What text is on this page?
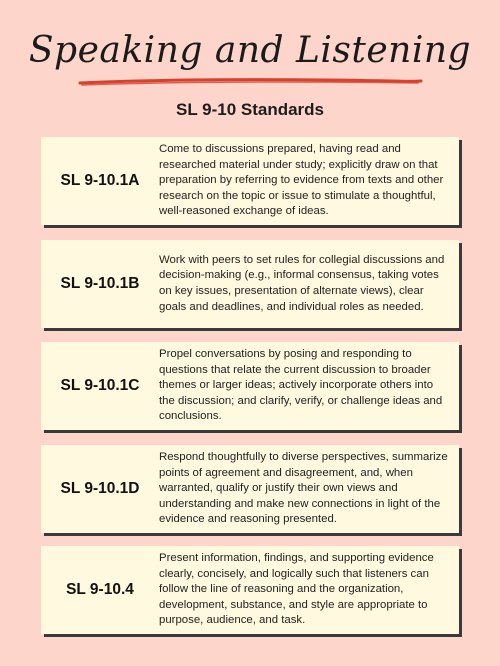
Speaking and Listening
SL 9-10 Standards
SL 9-10.1A
Come to discussions prepared, having read and researched material under study; explicitly draw on that preparation by referring to evidence from texts and other research on the topic or issue to stimulate a thoughtful, well-reasoned exchange of ideas.
SL 9-10.1B
Work with peers to set rules for collegial discussions and decision-making (e.g., informal consensus, taking votes on key issues, presentation of alternate views), clear goals and deadlines, and individual roles as needed.
SL 9-10.1C
Propel conversations by posing and responding to questions that relate the current discussion to broader themes or larger ideas; actively incorporate others into the discussion; and clarify, verify, or challenge ideas and conclusions.
SL 9-10.1D
Respond thoughtfully to diverse perspectives, summarize points of agreement and disagreement, and, when warranted, qualify or justify their own views and understanding and make new connections in light of the evidence and reasoning presented.
SL 9-10.4
Present information, findings, and supporting evidence clearly, concisely, and logically such that listeners can follow the line of reasoning and the organization, development, substance, and style are appropriate to purpose, audience, and task.
